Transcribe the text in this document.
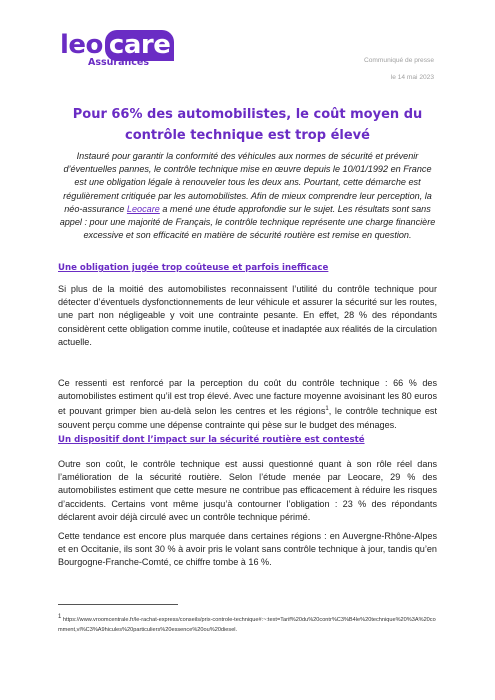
leo care
Assurances	Communiqué de presse
le 14 mai 2023
Pour 66% des automobilistes, le coût moyen du contrôle technique est trop élevé

Instauré pour garantir la conformité des véhicules aux normes de sécurité et prévenir d’éventuelles pannes, le contrôle technique mise en œuvre depuis le 10/01/1992 en France est une obligation légale à renouveler tous les deux ans. Pourtant, cette démarche est régulièrement critiquée par les automobilistes. Afin de mieux comprendre leur perception, la néo-assurance Leocare a mené une étude approfondie sur le sujet. Les résultats sont sans appel : pour une majorité de Français, le contrôle technique représente une charge financière excessive et son efficacité en matière de sécurité routière est remise en question.

Une obligation jugée trop coûteuse et parfois inefficace

Si plus de la moitié des automobilistes reconnaissent l’utilité du contrôle technique pour détecter d’éventuels dysfonctionnements de leur véhicule et assurer la sécurité sur les routes, une part non négligeable y voit une contrainte pesante. En effet, 28 % des répondants considèrent cette obligation comme inutile, coûteuse et inadaptée aux réalités de la circulation actuelle.

Ce ressenti est renforcé par la perception du coût du contrôle technique : 66 % des automobilistes estiment qu’il est trop élevé. Avec une facture moyenne avoisinant les 80 euros et pouvant grimper bien au-delà selon les centres et les régions$^1$, le contrôle technique est souvent perçu comme une dépense contrainte qui pèse sur le budget des ménages.

Un dispositif dont l’impact sur la sécurité routière est contesté

Outre son coût, le contrôle technique est aussi questionné quant à son rôle réel dans l’amélioration de la sécurité routière. Selon l’étude menée par Leocare, 29 % des automobilistes estiment que cette mesure ne contribue pas efficacement à réduire les risques d’accidents. Certains vont même jusqu’à contourner l’obligation : 23 % des répondants déclarent avoir déjà circulé avec un contrôle technique périmé.

Cette tendance est encore plus marquée dans certaines régions : en Auvergne-Rhône-Alpes et en Occitanie, ils sont 30 % à avoir pris le volant sans contrôle technique à jour, tandis qu’en Bourgogne-Franche-Comté, ce chiffre tombe à 16 %.

$^1$ https://www.vroomcentrale.fr/le-rachat-express/conseils/prix-controle-technique#:~:text=Tarif%20du%20contr%C3%B4le%20technique%20%3A%20comment,vl%C3%A9hicules%20particuliers%20essence%20ou%20diesel.
